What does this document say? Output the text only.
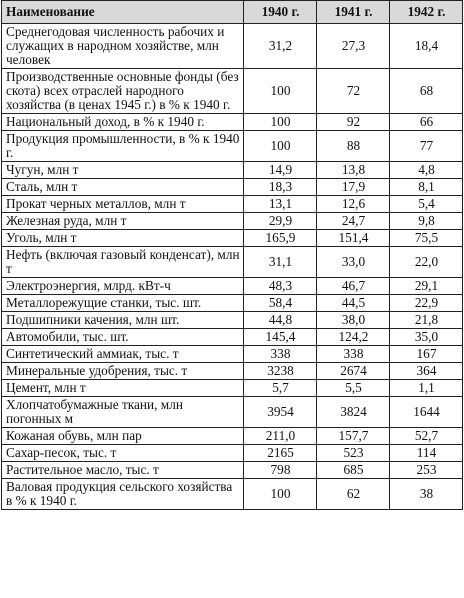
Наименование	1940 г.	1941 г.	1942 г.
Среднегодовая численность рабочих и служащих в народном хозяйстве, млн человек	31,2	27,3	18,4
Производственные основные фонды (без скота) всех отраслей народного хозяйства (в ценах 1945 г.) в % к 1940 г.	100	72	68
Национальный доход, в % к 1940 г.	100	92	66
Продукция промышленности, в % к 1940 г.	100	88	77
Чугун, млн т	14,9	13,8	4,8
Сталь, млн т	18,3	17,9	8,1
Прокат черных металлов, млн т	13,1	12,6	5,4
Железная руда, млн т	29,9	24,7	9,8
Уголь, млн т	165,9	151,4	75,5
Нефть (включая газовый конденсат), млн т	31,1	33,0	22,0
Электроэнергия, млрд. кВт-ч	48,3	46,7	29,1
Металлорежущие станки, тыс. шт.	58,4	44,5	22,9
Подшипники качения, млн шт.	44,8	38,0	21,8
Автомобили, тыс. шт.	145,4	124,2	35,0
Синтетический аммиак, тыс. т	338	338	167
Минеральные удобрения, тыс. т	3238	2674	364
Цемент, млн т	5,7	5,5	1,1
Хлопчатобумажные ткани, млн погонных м	3954	3824	1644
Кожаная обувь, млн пар	211,0	157,7	52,7
Сахар-песок, тыс. т	2165	523	114
Растительное масло, тыс. т	798	685	253
Валовая продукция сельского хозяйства в % к 1940 г.	100	62	38
